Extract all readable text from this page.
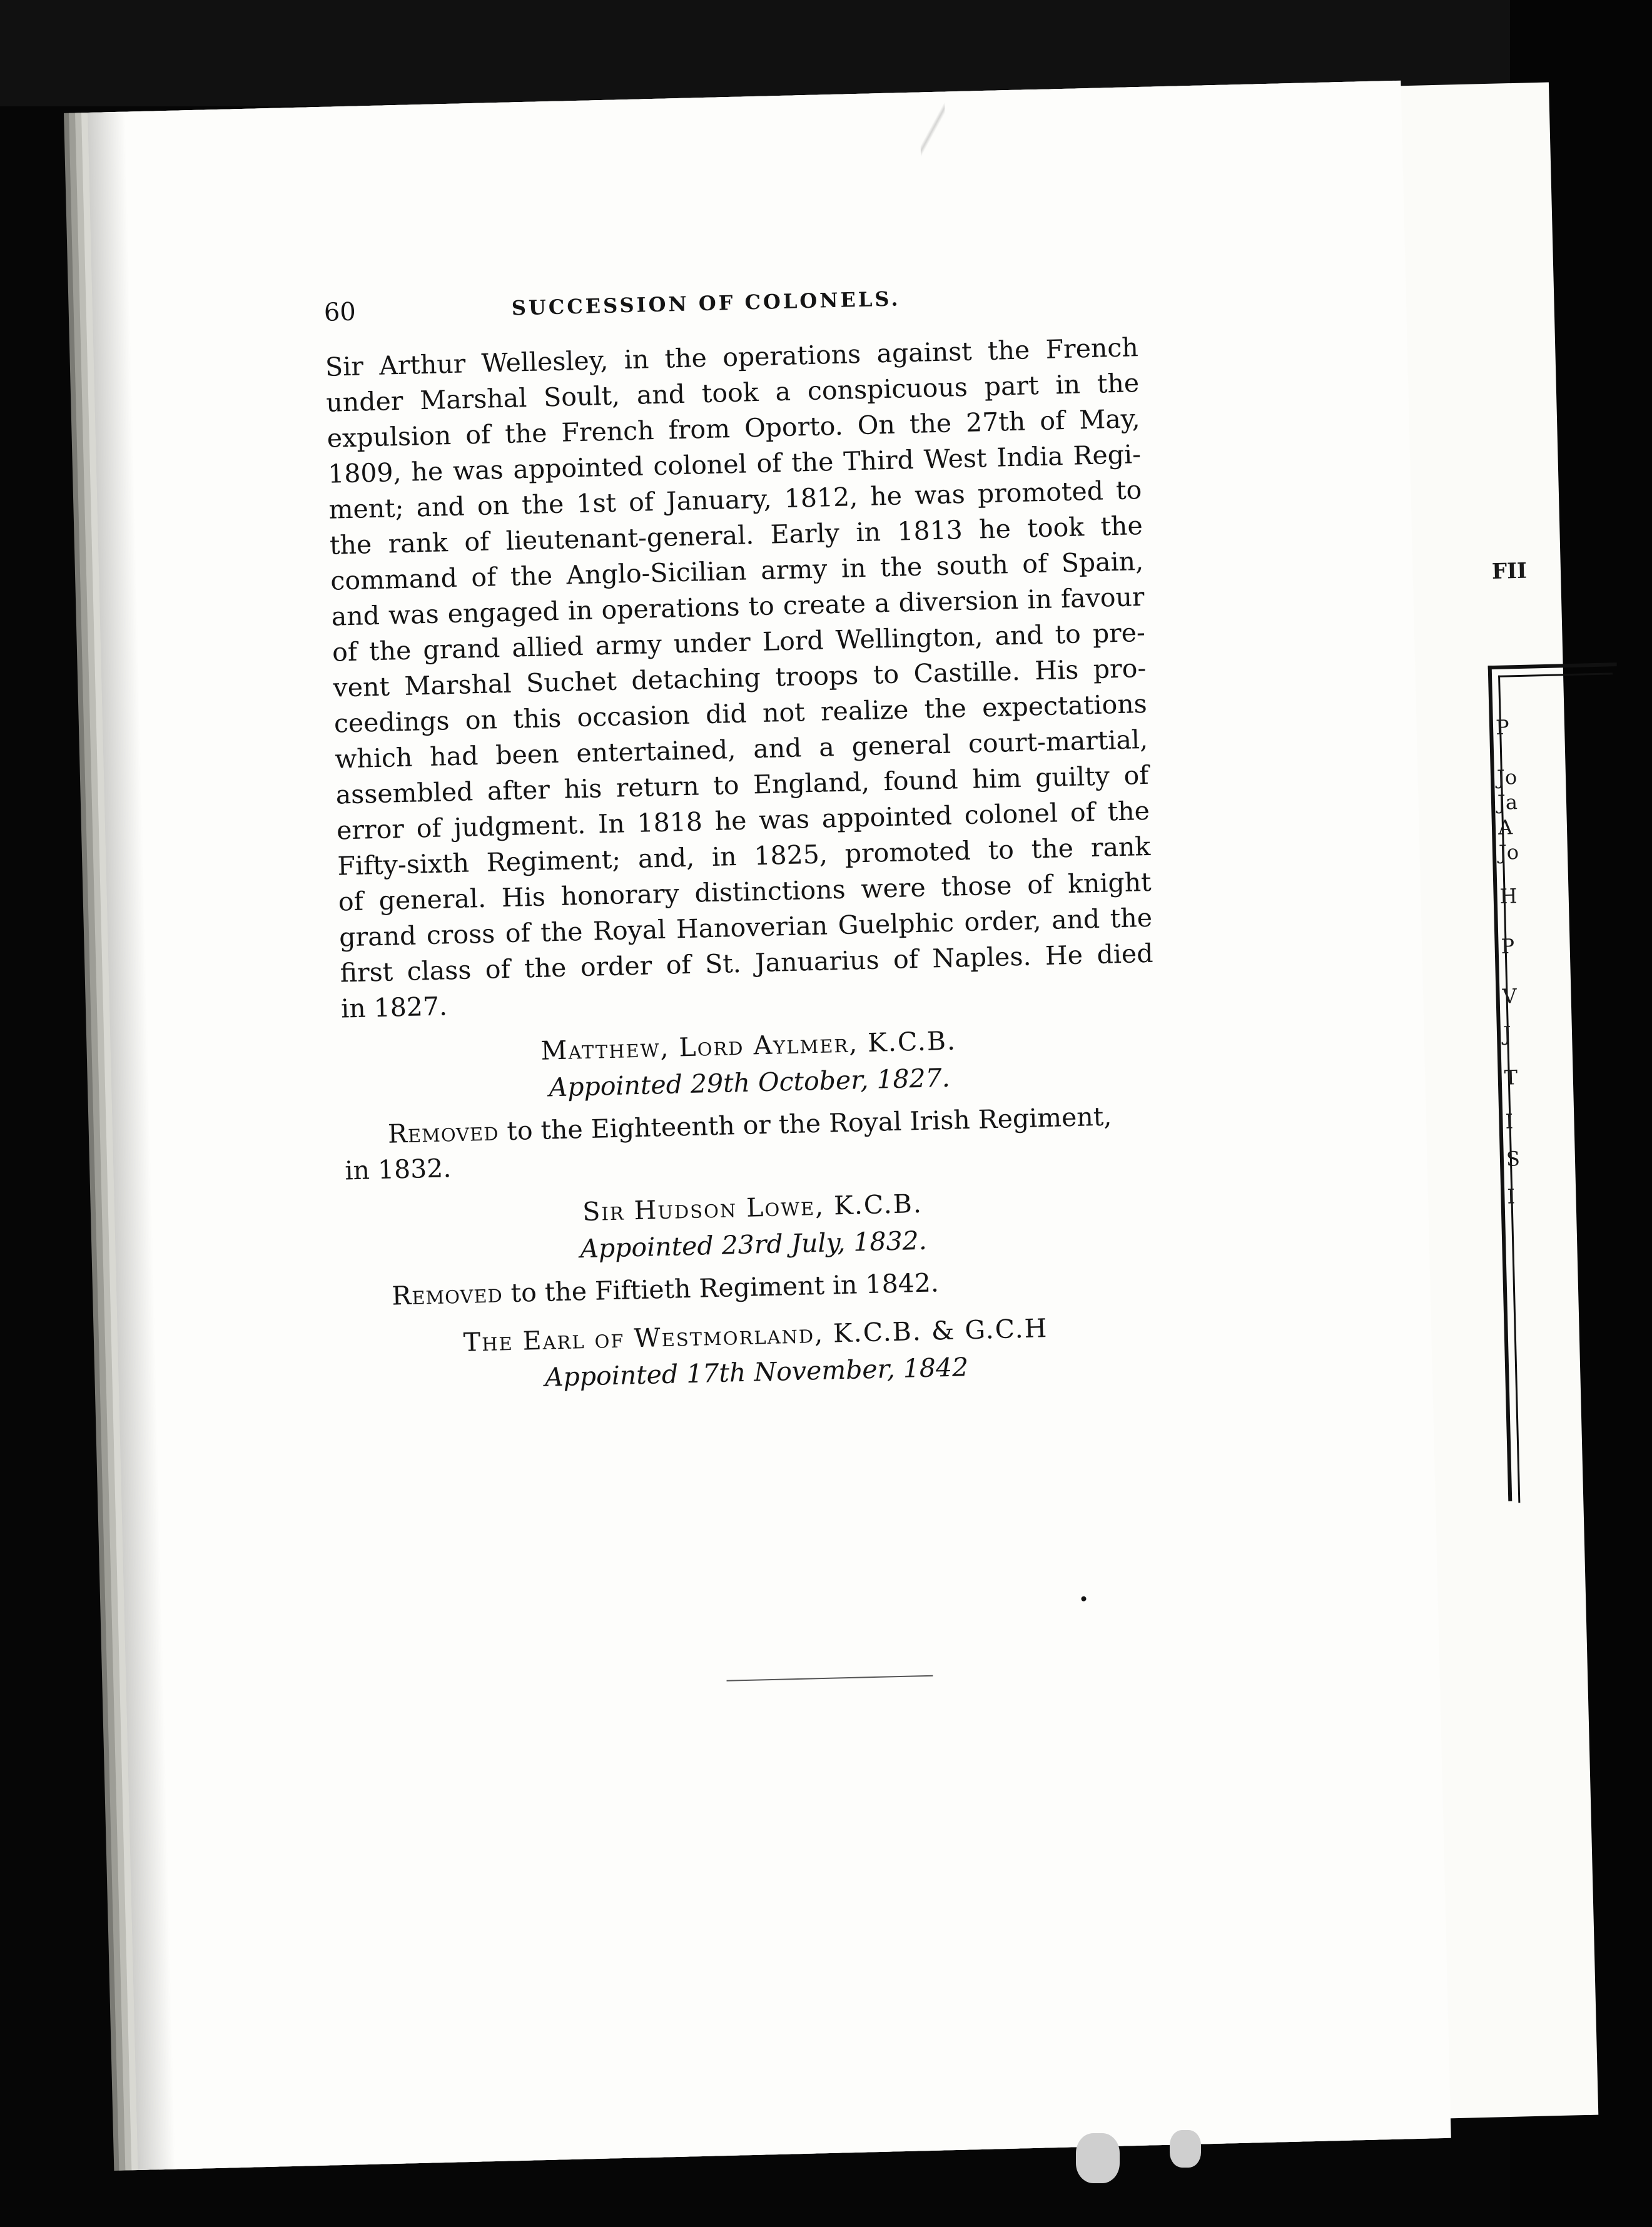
FII
P
Jo
Ja
A
Jo
H
P
V
J
T
I
S
I
60	SUCCESSION OF COLONELS.
Sir Arthur Wellesley, in the operations against the French
under Marshal Soult, and took a conspicuous part in the
expulsion of the French from Oporto. On the 27th of May,
1809, he was appointed colonel of the Third West India Regi-
ment; and on the 1st of January, 1812, he was promoted to
the rank of lieutenant-general. Early in 1813 he took the
command of the Anglo-Sicilian army in the south of Spain,
and was engaged in operations to create a diversion in favour
of the grand allied army under Lord Wellington, and to pre-
vent Marshal Suchet detaching troops to Castille. His pro-
ceedings on this occasion did not realize the expectations
which had been entertained, and a general court-martial,
assembled after his return to England, found him guilty of
error of judgment. In 1818 he was appointed colonel of the
Fifty-sixth Regiment; and, in 1825, promoted to the rank
of general. His honorary distinctions were those of knight
grand cross of the Royal Hanoverian Guelphic order, and the
first class of the order of St. Januarius of Naples. He died
in 1827.
Matthew, Lord Aylmer, K.C.B.
Appointed 29th October, 1827.
Removed to the Eighteenth or the Royal Irish Regiment,
in 1832.
Sir Hudson Lowe, K.C.B.
Appointed 23rd July, 1832.
Removed to the Fiftieth Regiment in 1842.
The Earl of Westmorland, K.C.B. & G.C.H
Appointed 17th November, 1842
